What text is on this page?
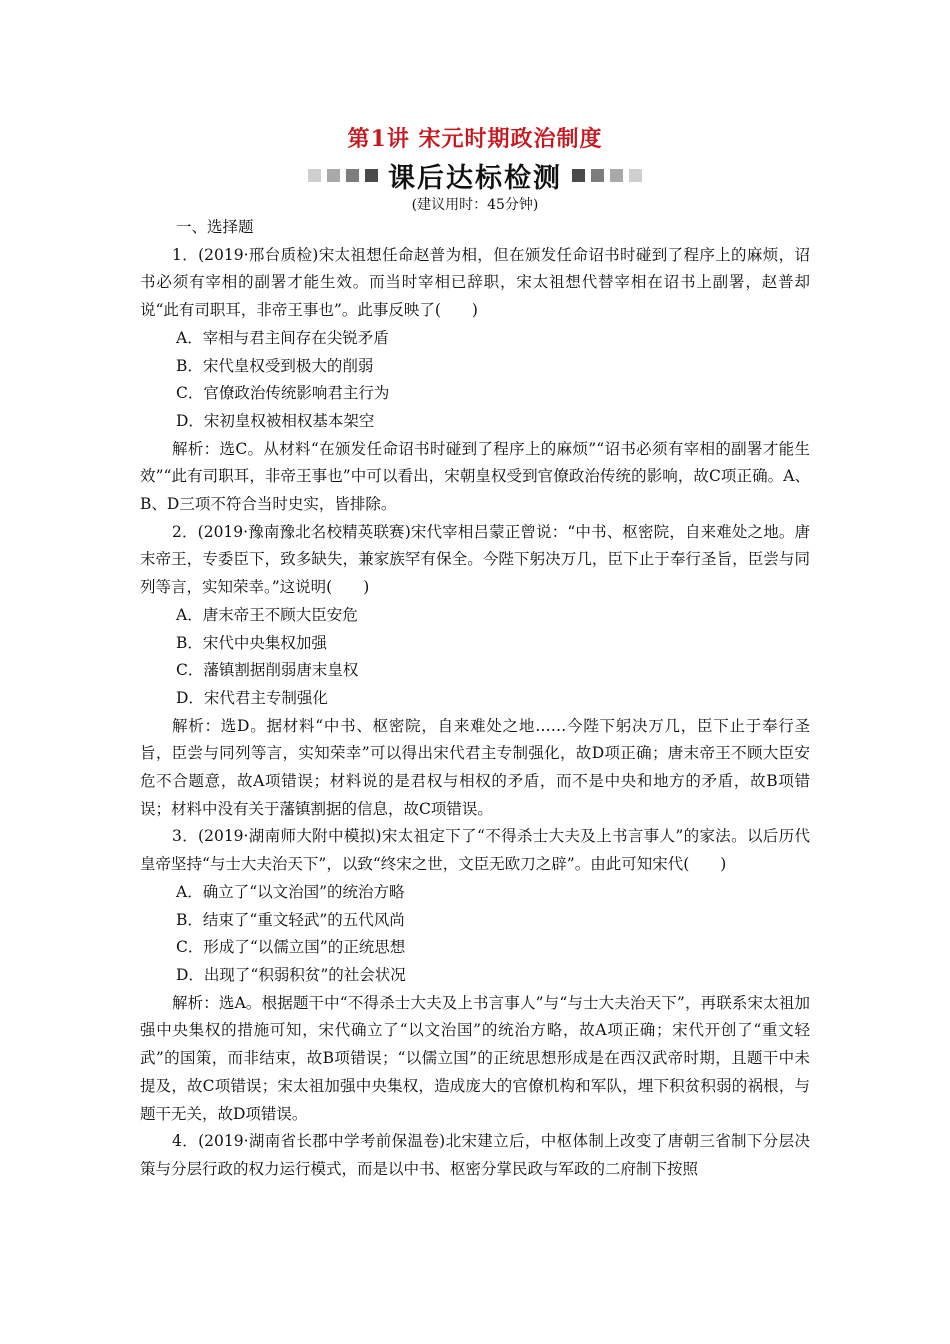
第1讲 宋元时期政治制度
课后达标检测
(建议用时：45分钟)

一、选择题

1．(2019·邢台质检)宋太祖想任命赵普为相，但在颁发任命诏书时碰到了程序上的麻烦，诏书必须有宰相的副署才能生效。而当时宰相已辞职，宋太祖想代替宰相在诏书上副署，赵普却说“此有司职耳，非帝王事也”。此事反映了(　　)

A．宰相与君主间存在尖锐矛盾

B．宋代皇权受到极大的削弱

C．官僚政治传统影响君主行为

D．宋初皇权被相权基本架空

解析：选C。从材料“在颁发任命诏书时碰到了程序上的麻烦”“诏书必须有宰相的副署才能生效”“此有司职耳，非帝王事也”中可以看出，宋朝皇权受到官僚政治传统的影响，故C项正确。A、B、D三项不符合当时史实，皆排除。

2．(2019·豫南豫北名校精英联赛)宋代宰相吕蒙正曾说：“中书、枢密院，自来难处之地。唐末帝王，专委臣下，致多缺失，兼家族罕有保全。今陛下躬决万几，臣下止于奉行圣旨，臣尝与同列等言，实知荣幸。”这说明(　　)

A．唐末帝王不顾大臣安危

B．宋代中央集权加强

C．藩镇割据削弱唐末皇权

D．宋代君主专制强化

解析：选D。据材料“中书、枢密院，自来难处之地……今陛下躬决万几，臣下止于奉行圣旨，臣尝与同列等言，实知荣幸”可以得出宋代君主专制强化，故D项正确；唐末帝王不顾大臣安危不合题意，故A项错误；材料说的是君权与相权的矛盾，而不是中央和地方的矛盾，故B项错误；材料中没有关于藩镇割据的信息，故C项错误。

3．(2019·湖南师大附中模拟)宋太祖定下了“不得杀士大夫及上书言事人”的家法。以后历代皇帝坚持“与士大夫治天下”，以致“终宋之世，文臣无欧刀之辟”。由此可知宋代(　　)

A．确立了“以文治国”的统治方略

B．结束了“重文轻武”的五代风尚

C．形成了“以儒立国”的正统思想

D．出现了“积弱积贫”的社会状况

解析：选A。根据题干中“不得杀士大夫及上书言事人”与“与士大夫治天下”，再联系宋太祖加强中央集权的措施可知，宋代确立了“以文治国”的统治方略，故A项正确；宋代开创了“重文轻武”的国策，而非结束，故B项错误；“以儒立国”的正统思想形成是在西汉武帝时期，且题干中未提及，故C项错误；宋太祖加强中央集权，造成庞大的官僚机构和军队，埋下积贫积弱的祸根，与题干无关，故D项错误。

4．(2019·湖南省长郡中学考前保温卷)北宋建立后，中枢体制上改变了唐朝三省制下分层决策与分层行政的权力运行模式，而是以中书、枢密分掌民政与军政的二府制下按照
